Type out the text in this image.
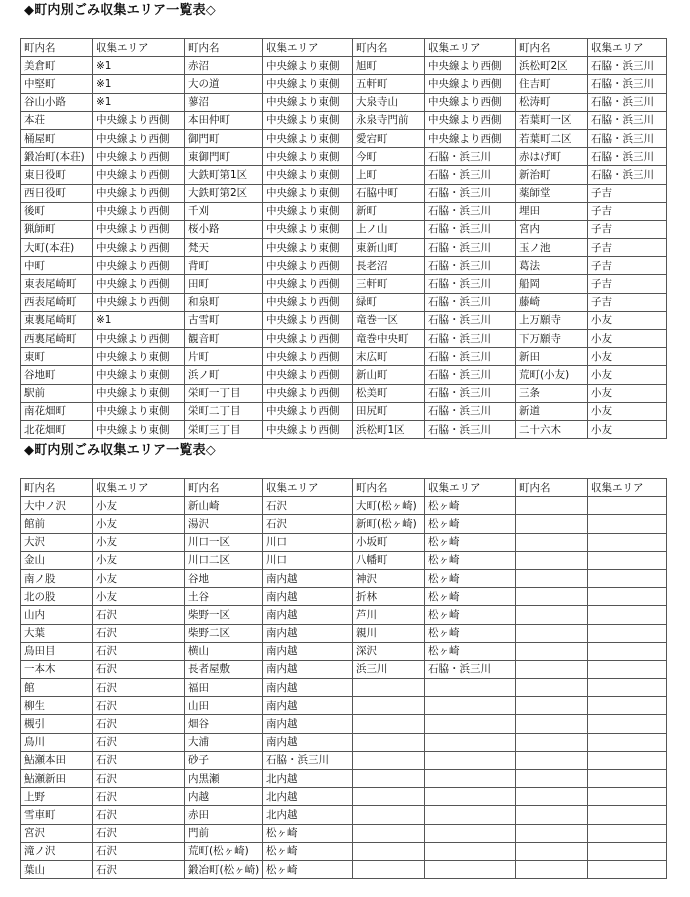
◆町内別ごみ収集エリア一覧表◇
町内名	収集エリア	町内名	収集エリア	町内名	収集エリア	町内名	収集エリア
美倉町	※1	赤沼	中央線より東側	旭町	中央線より西側	浜松町2区	石脇・浜三川
中堅町	※1	大の道	中央線より東側	五軒町	中央線より西側	住吉町	石脇・浜三川
谷山小路	※1	蓼沼	中央線より東側	大泉寺山	中央線より西側	松涛町	石脇・浜三川
本荘	中央線より西側	本田仲町	中央線より東側	永泉寺門前	中央線より西側	若葉町一区	石脇・浜三川
桶屋町	中央線より西側	御門町	中央線より東側	愛宕町	中央線より西側	若葉町二区	石脇・浜三川
鍛冶町(本荘)	中央線より西側	東御門町	中央線より東側	今町	石脇・浜三川	赤はげ町	石脇・浜三川
東日役町	中央線より西側	大鉄町第1区	中央線より東側	上町	石脇・浜三川	新治町	石脇・浜三川
西日役町	中央線より西側	大鉄町第2区	中央線より東側	石脇中町	石脇・浜三川	薬師堂	子吉
後町	中央線より西側	千刈	中央線より東側	新町	石脇・浜三川	埋田	子吉
猟師町	中央線より西側	桜小路	中央線より東側	上ノ山	石脇・浜三川	宮内	子吉
大町(本荘)	中央線より西側	梵天	中央線より東側	東新山町	石脇・浜三川	玉ノ池	子吉
中町	中央線より西側	背町	中央線より西側	長老沼	石脇・浜三川	葛法	子吉
東表尾崎町	中央線より西側	田町	中央線より西側	三軒町	石脇・浜三川	船岡	子吉
西表尾崎町	中央線より西側	和泉町	中央線より西側	緑町	石脇・浜三川	藤崎	子吉
東裏尾崎町	※1	古雪町	中央線より西側	竜巻一区	石脇・浜三川	上万願寺	小友
西裏尾崎町	中央線より西側	観音町	中央線より西側	竜巻中央町	石脇・浜三川	下万願寺	小友
東町	中央線より東側	片町	中央線より西側	末広町	石脇・浜三川	新田	小友
谷地町	中央線より東側	浜ノ町	中央線より西側	新山町	石脇・浜三川	荒町(小友)	小友
駅前	中央線より東側	栄町一丁目	中央線より西側	松美町	石脇・浜三川	三条	小友
南花畑町	中央線より東側	栄町二丁目	中央線より西側	田尻町	石脇・浜三川	新道	小友
北花畑町	中央線より東側	栄町三丁目	中央線より西側	浜松町1区	石脇・浜三川	二十六木	小友
◆町内別ごみ収集エリア一覧表◇
町内名	収集エリア	町内名	収集エリア	町内名	収集エリア	町内名	収集エリア
大中ノ沢	小友	新山崎	石沢	大町(松ヶ崎)	松ヶ崎		
館前	小友	湯沢	石沢	新町(松ヶ崎)	松ヶ崎		
大沢	小友	川口一区	川口	小坂町	松ヶ崎		
金山	小友	川口二区	川口	八幡町	松ヶ崎		
南ノ股	小友	谷地	南内越	神沢	松ヶ崎		
北の股	小友	土谷	南内越	折林	松ヶ崎		
山内	石沢	柴野一区	南内越	芦川	松ヶ崎		
大葉	石沢	柴野二区	南内越	親川	松ヶ崎		
鳥田目	石沢	横山	南内越	深沢	松ヶ崎		
一本木	石沢	長者屋敷	南内越	浜三川	石脇・浜三川		
館	石沢	福田	南内越				
柳生	石沢	山田	南内越				
槻引	石沢	畑谷	南内越				
鳥川	石沢	大浦	南内越				
鮎瀬本田	石沢	砂子	石脇・浜三川				
鮎瀬新田	石沢	内黒瀬	北内越				
上野	石沢	内越	北内越				
雪車町	石沢	赤田	北内越				
宮沢	石沢	門前	松ヶ崎				
滝ノ沢	石沢	荒町(松ヶ崎)	松ヶ崎				
葉山	石沢	鍛冶町(松ヶ崎)	松ヶ崎				
